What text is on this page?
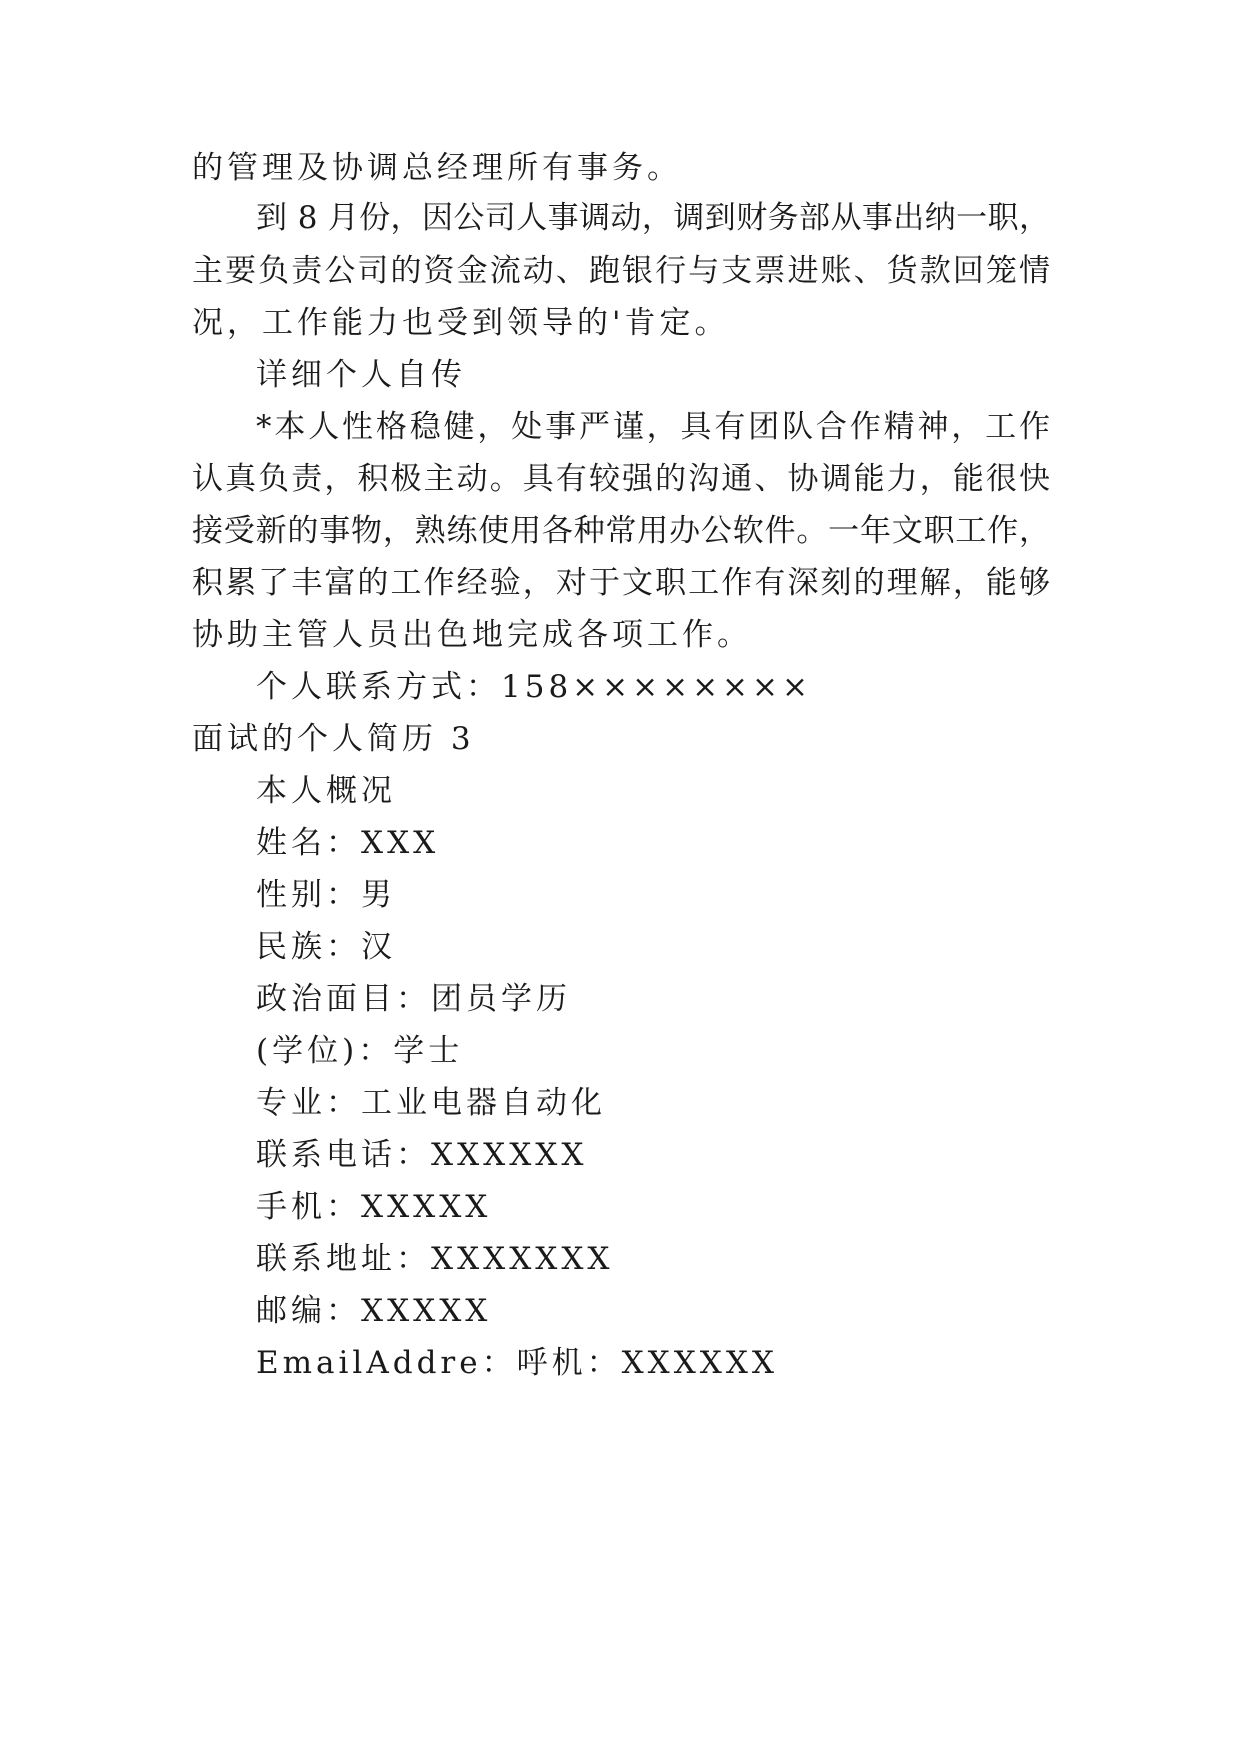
的管理及协调总经理所有事务。
到 8 月份，因公司人事调动，调到财务部从事出纳一职，
主要负责公司的资金流动、跑银行与支票进账、货款回笼情
况，工作能力也受到领导的'肯定。
详细个人自传
*本人性格稳健，处事严谨，具有团队合作精神，工作
认真负责，积极主动。具有较强的沟通、协调能力，能很快
接受新的事物，熟练使用各种常用办公软件。一年文职工作，
积累了丰富的工作经验，对于文职工作有深刻的理解，能够
协助主管人员出色地完成各项工作。
个人联系方式：158××××××××
面试的个人简历 3
本人概况
姓名：XXX
性别：男
民族：汉
政治面目：团员学历
(学位)：学士
专业：工业电器自动化
联系电话：XXXXXX
手机：XXXXX
联系地址：XXXXXXX
邮编：XXXXX
EmailAddre：呼机：XXXXXX
